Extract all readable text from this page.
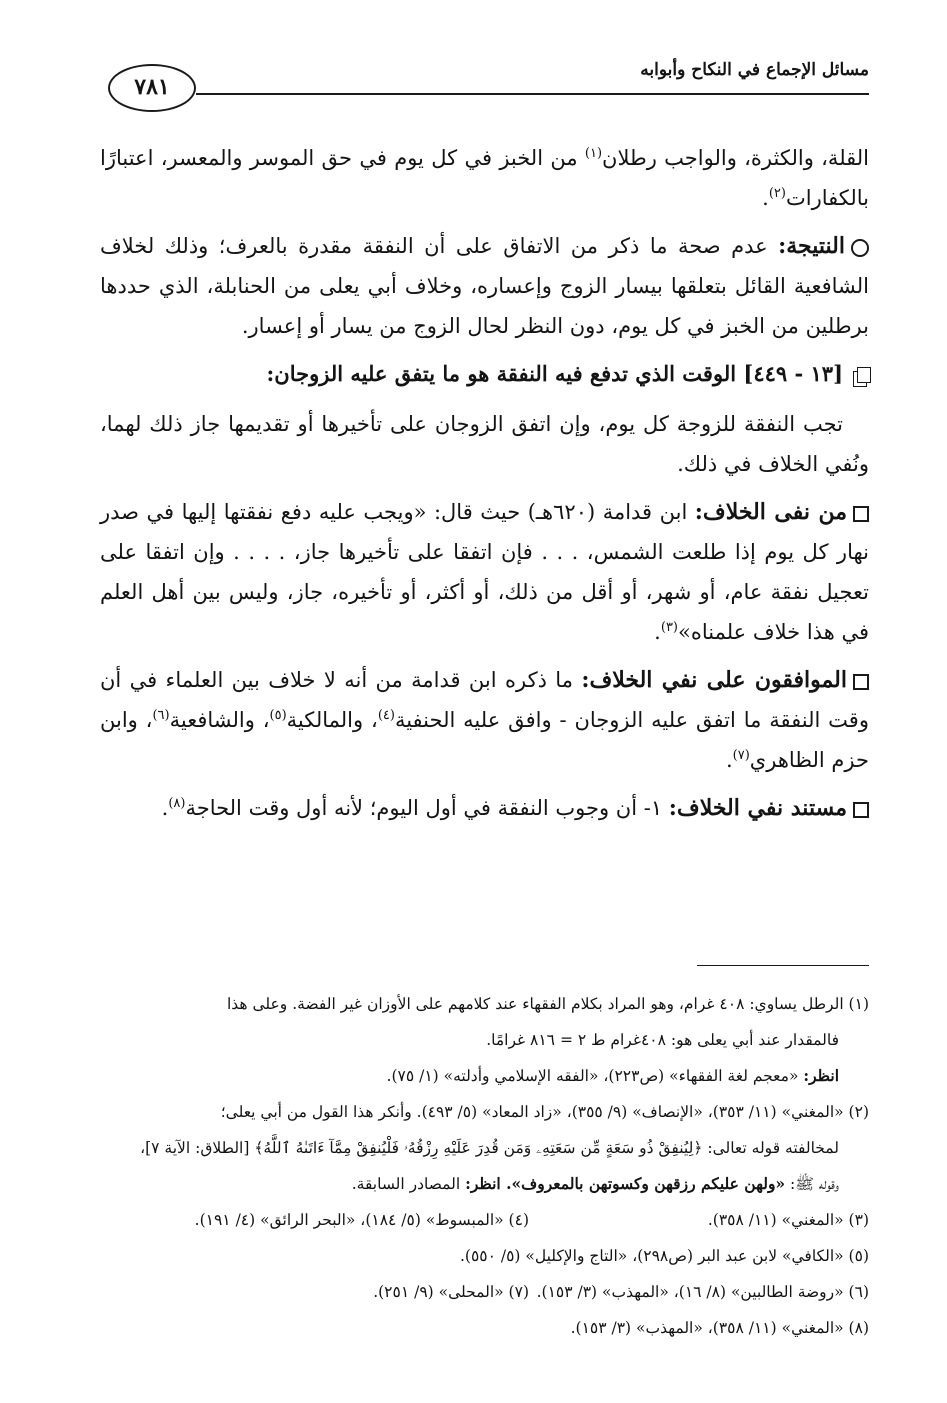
مسائل الإجماع في النكاح وأبوابه
٧٨١

القلة، والكثرة، والواجب رطلان$^{(١)}$ من الخبز في كل يوم في حق الموسر والمعسر، اعتبارًا بالكفارات$^{(٢)}$.

النتيجة: عدم صحة ما ذكر من الاتفاق على أن النفقة مقدرة بالعرف؛ وذلك لخلاف الشافعية القائل بتعلقها بيسار الزوج وإعساره، وخلاف أبي يعلى من الحنابلة، الذي حددها برطلين من الخبز في كل يوم، دون النظر لحال الزوج من يسار أو إعسار.

[١٣ - ٤٤٩] الوقت الذي تدفع فيه النفقة هو ما يتفق عليه الزوجان:

تجب النفقة للزوجة كل يوم، وإن اتفق الزوجان على تأخيرها أو تقديمها جاز ذلك لهما، ونُفي الخلاف في ذلك.

من نفى الخلاف: ابن قدامة (٦٢٠هـ) حيث قال: «ويجب عليه دفع نفقتها إليها في صدر نهار كل يوم إذا طلعت الشمس، . . . فإن اتفقا على تأخيرها جاز، . . . . وإن اتفقا على تعجيل نفقة عام، أو شهر، أو أقل من ذلك، أو أكثر، أو تأخيره، جاز، وليس بين أهل العلم في هذا خلاف علمناه»$^{(٣)}$.

الموافقون على نفي الخلاف: ما ذكره ابن قدامة من أنه لا خلاف بين العلماء في أن وقت النفقة ما اتفق عليه الزوجان - وافق عليه الحنفية$^{(٤)}$، والمالكية$^{(٥)}$، والشافعية$^{(٦)}$، وابن حزم الظاهري$^{(٧)}$.

مستند نفي الخلاف: ١- أن وجوب النفقة في أول اليوم؛ لأنه أول وقت الحاجة$^{(٨)}$.

(١) الرطل يساوي: ٤٠٨ غرام، وهو المراد بكلام الفقهاء عند كلامهم على الأوزان غير الفضة. وعلى هذا

فالمقدار عند أبي يعلى هو: ٤٠٨غرام ط ٢ = ٨١٦ غرامًا.

انظر: «معجم لغة الفقهاء» (ص٢٢٣)، «الفقه الإسلامي وأدلته» (١/ ٧٥).

(٢) «المغني» (١١/ ٣٥٣)، «الإنصاف» (٩/ ٣٥٥)، «زاد المعاد» (٥/ ٤٩٣). وأنكر هذا القول من أبي يعلى؛

لمخالفته قوله تعالى: ﴿لِيُنفِقْ ذُو سَعَةٍ مِّن سَعَتِهِۦ وَمَن قُدِرَ عَلَيْهِ رِزْقُهُۥ فَلْيُنفِقْ مِمَّآ ءَاتَىٰهُ ٱللَّهُ﴾ [الطلاق: الآية ٧]،

وقوله ﷺ: «ولهن عليكم رزقهن وكسوتهن بالمعروف». انظر: المصادر السابقة.

(٣) «المغني» (١١/ ٣٥٨).
(٤) «المبسوط» (٥/ ١٨٤)، «البحر الرائق» (٤/ ١٩١).

(٥) «الكافي» لابن عبد البر (ص٢٩٨)، «التاج والإكليل» (٥/ ٥٥٠).

(٦) «روضة الطالبين» (٨/ ١٦)، «المهذب» (٣/ ١٥٣).
(٧) «المحلى» (٩/ ٢٥١).

(٨) «المغني» (١١/ ٣٥٨)، «المهذب» (٣/ ١٥٣).
